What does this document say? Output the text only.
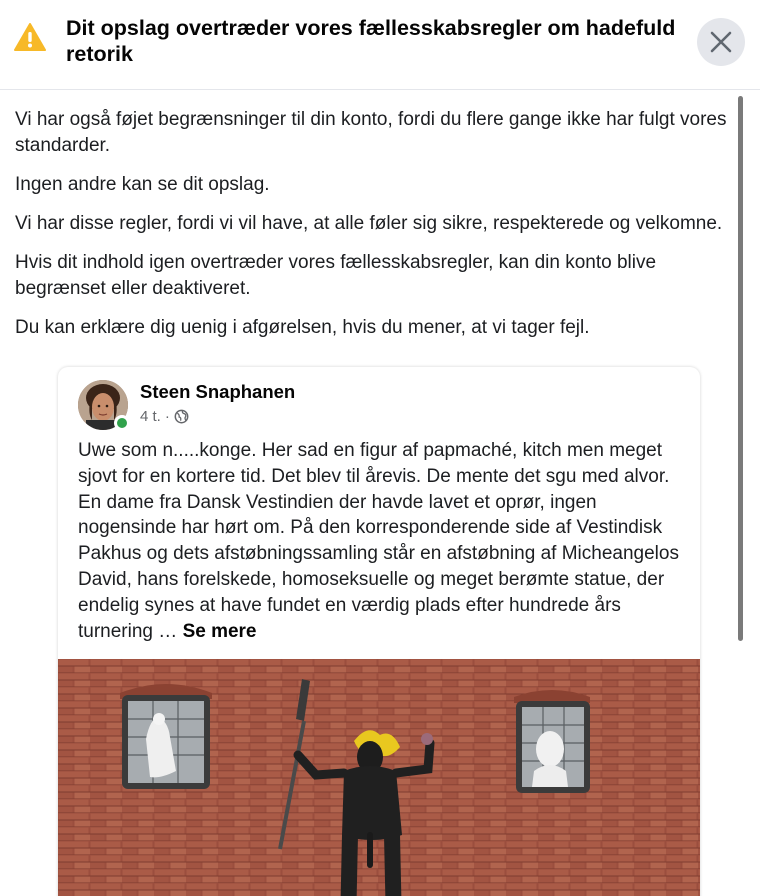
Dit opslag overtræder vores fællesskabsregler om hadefuld retorik

Vi har også føjet begrænsninger til din konto, fordi du flere gange ikke har fulgt vores standarder.

Ingen andre kan se dit opslag.

Vi har disse regler, fordi vi vil have, at alle føler sig sikre, respekterede og velkomne.

Hvis dit indhold igen overtræder vores fællesskabsregler, kan din konto blive begrænset eller deaktiveret.

Du kan erklære dig uenig i afgørelsen, hvis du mener, at vi tager fejl.

Steen Snaphanen
4 t. ·
Uwe som n.....konge. Her sad en figur af papmaché, kitch men meget sjovt for en kortere tid. Det blev til årevis. De mente det sgu med alvor. En dame fra Dansk Vestindien der havde lavet et oprør, ingen nogensinde har hørt om. På den korresponderende side af Vestindisk Pakhus og dets afstøbningssamling står en afstøbning af Micheangelos David, hans forelskede, homoseksuelle og meget berømte statue, der endelig synes at have fundet en værdig plads efter hundrede års turnering … Se mere
